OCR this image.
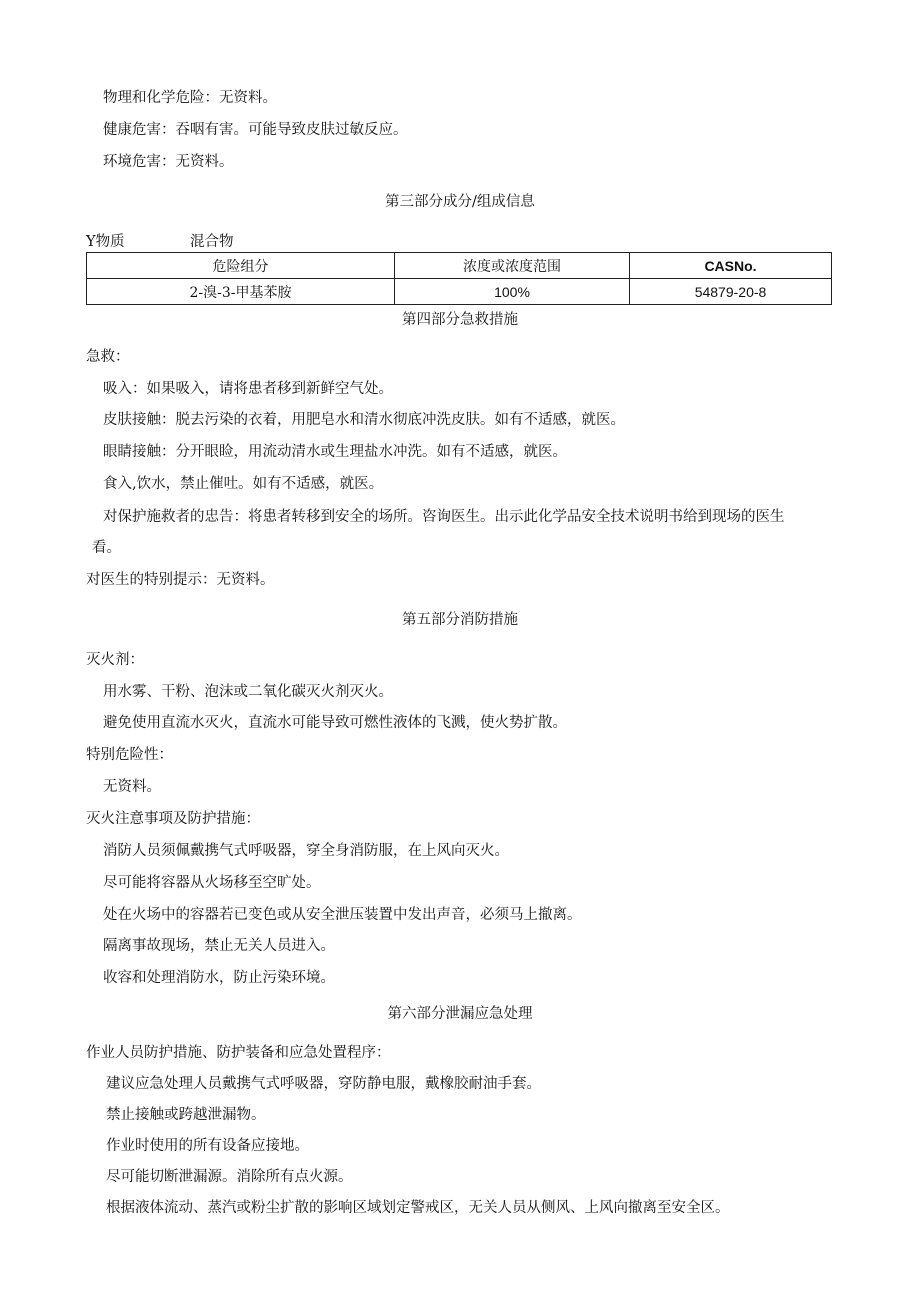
物理和化学危险：无资料。
健康危害：吞咽有害。可能导致皮肤过敏反应。
环境危害：无资料。
第三部分成分/组成信息
Y物质	混合物
危险组分	浓度或浓度范围	CASNo.
2-溴-3-甲基苯胺	100%	54879-20-8
第四部分急救措施
急救：
吸入：如果吸入，请将患者移到新鲜空气处。
皮肤接触：脱去污染的衣着，用肥皂水和清水彻底冲洗皮肤。如有不适感，就医。
眼睛接触：分开眼睑，用流动清水或生理盐水冲洗。如有不适感，就医。
食入,饮水，禁止催吐。如有不适感，就医。
对保护施救者的忠告：将患者转移到安全的场所。咨询医生。出示此化学品安全技术说明书给到现场的医生
看。
对医生的特别提示：无资料。
第五部分消防措施
灭火剂：
用水雾、干粉、泡沫或二氧化碳灭火剂灭火。
避免使用直流水灭火，直流水可能导致可燃性液体的飞溅，使火势扩散。
特别危险性：
无资料。
灭火注意事项及防护措施：
消防人员须佩戴携气式呼吸器，穿全身消防服，在上风向灭火。
尽可能将容器从火场移至空旷处。
处在火场中的容器若已变色或从安全泄压装置中发出声音，必须马上撤离。
隔离事故现场，禁止无关人员进入。
收容和处理消防水，防止污染环境。
第六部分泄漏应急处理
作业人员防护措施、防护装备和应急处置程序：
建议应急处理人员戴携气式呼吸器，穿防静电服，戴橡胶耐油手套。
禁止接触或跨越泄漏物。
作业时使用的所有设备应接地。
尽可能切断泄漏源。消除所有点火源。
根据液体流动、蒸汽或粉尘扩散的影响区域划定警戒区，无关人员从侧风、上风向撤离至安全区。
